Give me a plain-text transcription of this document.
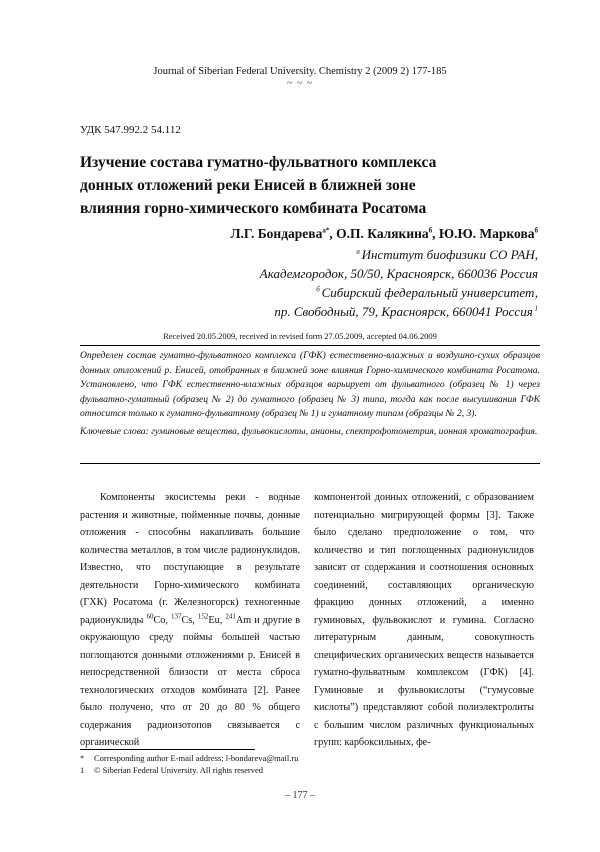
Journal of Siberian Federal University. Chemistry 2 (2009 2) 177-185
~ ~ ~
УДК 547.992.2 54.112
Изучение состава гуматно-фульватного комплекса
донных отложений реки Енисей в ближней зоне
влияния горно-химического комбината Росатома
Л.Г. Бондарева$^{а*}$, О.П. Калякина$^б$, Ю.Ю. Маркова$^б$
$^а$ Институт биофизики СО РАН,
Академгородок, 50/50, Красноярск, 660036 Россия
$^б$ Сибирский федеральный университет,
пр. Свободный, 79, Красноярск, 660041 Россия $^1$
Received 20.05.2009, received in revised form 27.05.2009, accepted 04.06.2009
Определен состав гуматно-фульватного комплекса (ГФК) естественно-влажных и воздушно-сухих образцов донных отложений р. Енисей, отобранных в ближней зоне влияния Горно-химического комбината Росатома. Установлено, что ГФК естественно-влажных образцов варьирует от фульватного (образец № 1) через фульватно-гуматный (образец № 2) до гуматного (образец № 3) типа, тогда как после высушивания ГФК относится только к гуматно-фульватному (образец № 1) и гуматному типам (образцы № 2, 3).
Ключевые слова: гуминовые вещества, фульвокислоты, анионы, спектрофотометрия, ионная хроматография.
Компоненты экосистемы реки - водные растения и животные, пойменные почвы, донные отложения - способны накапливать большие количества металлов, в том числе радионуклидов. Известно, что поступающие в результате деятельности Горно-химического комбината (ГХК) Росатома (г. Железногорск) техногенные радионуклиды $^{60}$Co, $^{137}$Cs, $^{152}$Eu, $^{241}$Am и другие в окружающую среду поймы большей частью поглощаются донными отложениями р. Енисей в непосредственной близости от места сброса технологических отходов комбината [2]. Ранее было получено, что от 20 до 80 % общего содержания радиоизотопов связывается с органической
компонентой донных отложений, с образованием потенциально мигрирующей формы [3]. Также было сделано предположение о том, что количество и тип поглощенных радионуклидов зависят от содержания и соотношения основных соединений, составляющих органическую фракцию донных отложений, а именно гуминовых, фульвокислот и гумина. Согласно литературным данным, совокупность специфических органических веществ называется гуматно-фульватным комплексом (ГФК) [4]. Гуминовые и фульвокислоты (“гумусовые кислоты”) представляют собой полиэлектролиты с большим числом различных функциональных групп: карбоксильных, фе-
* Corresponding author E-mail address: l-bondareva@mail.ru
1 © Siberian Federal University. All rights reserved
– 177 –
